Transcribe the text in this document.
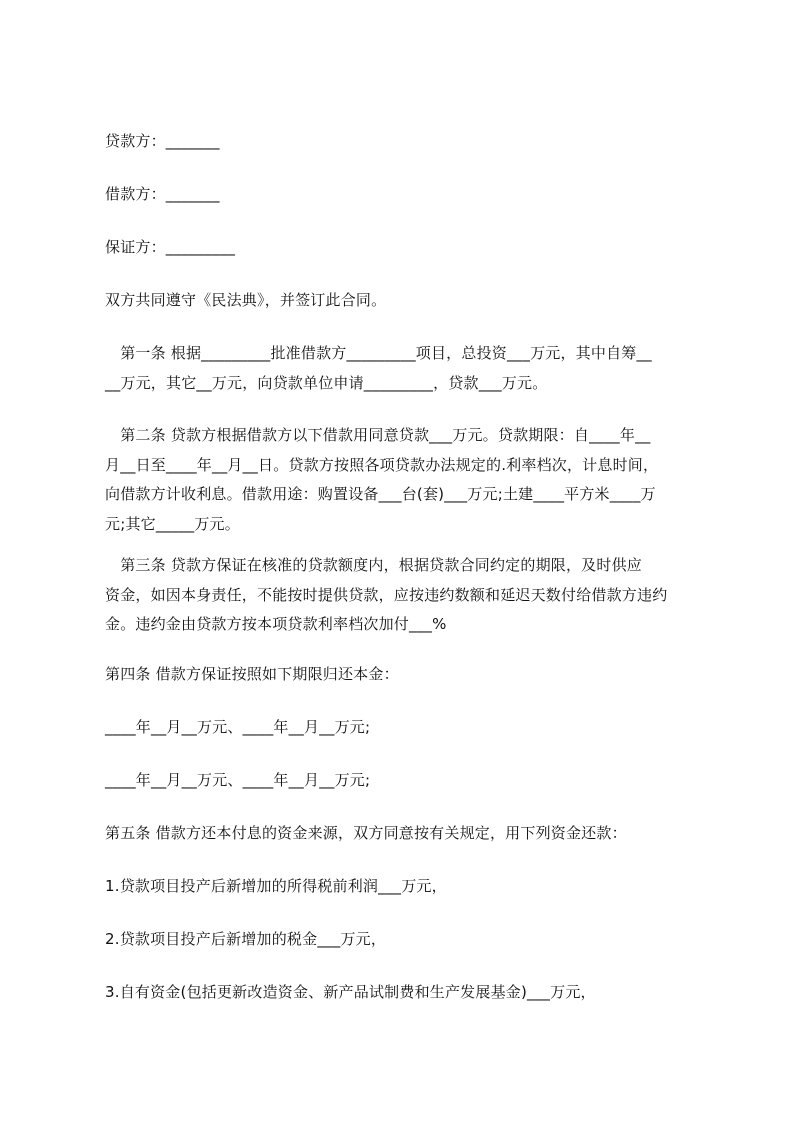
贷款方：_______
借款方：_______
保证方：_________
双方共同遵守《民法典》，并签订此合同。
　第一条 根据_________批准借款方_________项目，总投资___万元，其中自筹__
__万元，其它__万元，向贷款单位申请_________，贷款___万元。
　第二条 贷款方根据借款方以下借款用同意贷款___万元。贷款期限：自____年__
月__日至____年__月__日。贷款方按照各项贷款办法规定的.利率档次，计息时间，
向借款方计收利息。借款用途：购置设备___台(套)___万元;土建____平方米____万
元;其它_____万元。
　第三条 贷款方保证在核准的贷款额度内，根据贷款合同约定的期限，及时供应
资金，如因本身责任，不能按时提供贷款，应按违约数额和延迟天数付给借款方违约
金。违约金由贷款方按本项贷款利率档次加付___%
第四条 借款方保证按照如下期限归还本金：
____年__月__万元、____年__月__万元;
____年__月__万元、____年__月__万元;
第五条 借款方还本付息的资金来源，双方同意按有关规定，用下列资金还款：
1.贷款项目投产后新增加的所得税前利润___万元，
2.贷款项目投产后新增加的税金___万元，
3.自有资金(包括更新改造资金、新产品试制费和生产发展基金)___万元，
